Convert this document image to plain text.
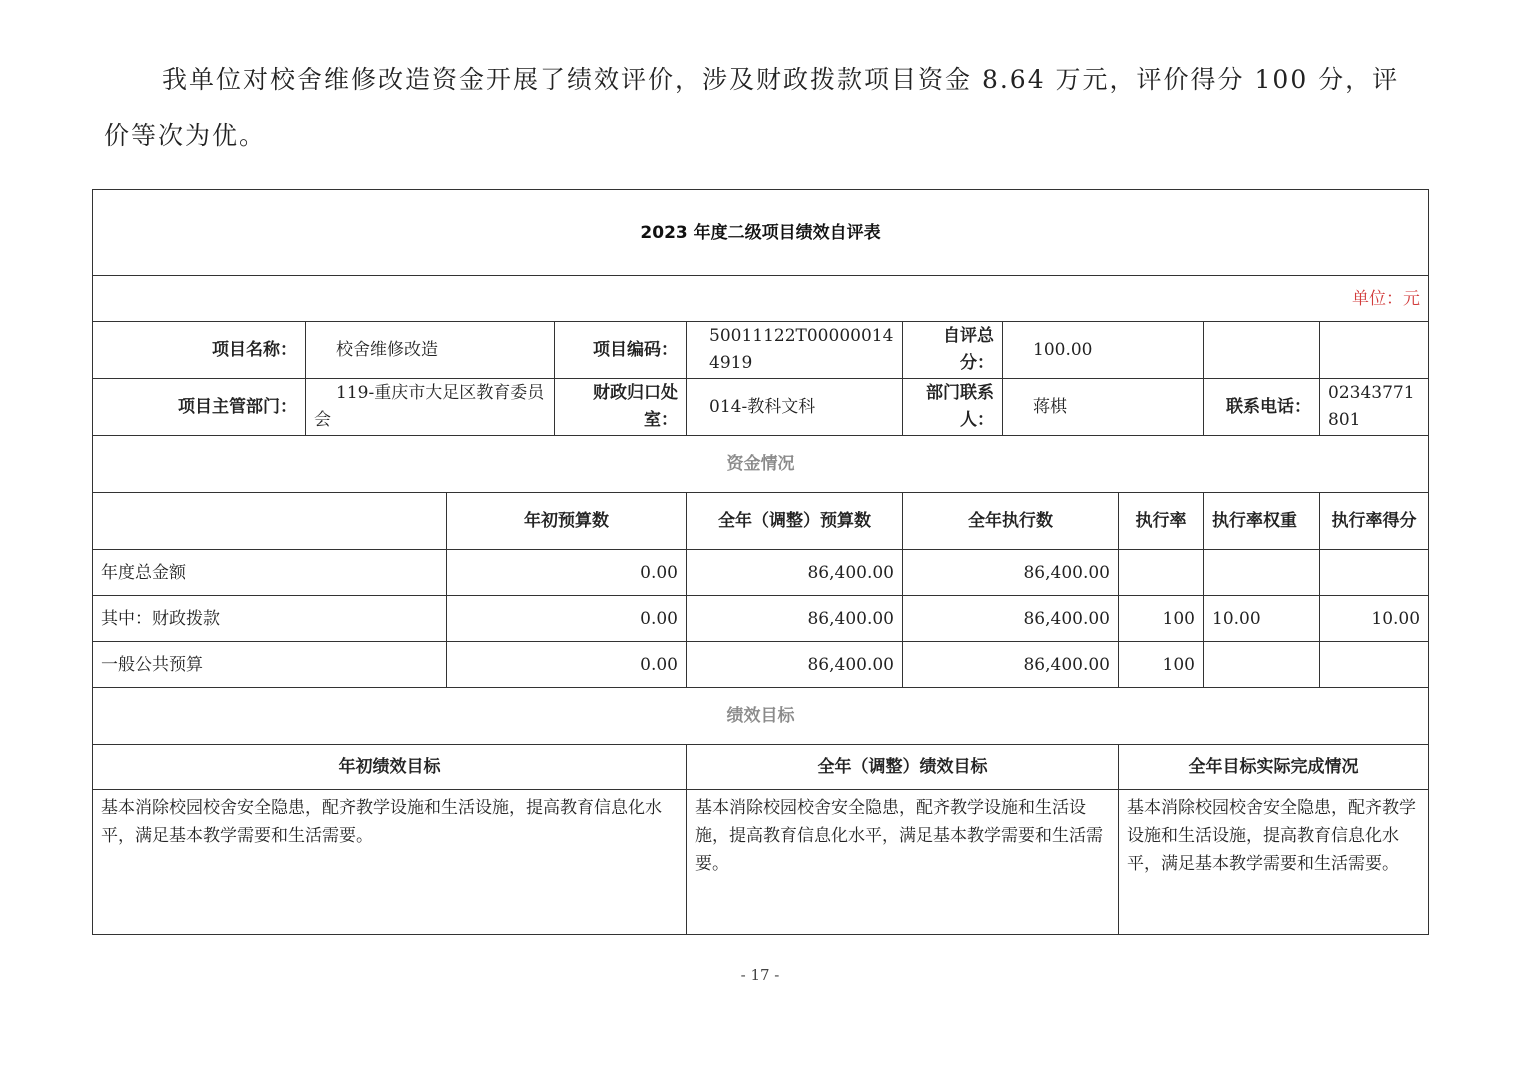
我单位对校舍维修改造资金开展了绩效评价，涉及财政拨款项目资金 8.64 万元，评价得分 100 分，评价等次为优。

2023 年度二级项目绩效自评表									
单位：元									
项目名称：	校舍维修改造		项目编码：	50011122T000000144919	自评总分：	100.00			
项目主管部门：	119-重庆市大足区教育委员会		财政归口处室：	014-教科文科	部门联系人：	蒋棋		联系电话：	02343771801
资金情况									
		年初预算数		全年（调整）预算数	全年执行数		执行率	执行率权重	执行率得分
年度总金额		0.00		86,400.00	86,400.00				
其中：财政拨款		0.00		86,400.00	86,400.00		100	10.00	10.00
一般公共预算		0.00		86,400.00	86,400.00		100		
绩效目标									
年初绩效目标				全年（调整）绩效目标			全年目标实际完成情况		
基本消除校园校舍安全隐患，配齐教学设施和生活设施，提高教育信息化水平，满足基本教学需要和生活需要。				基本消除校园校舍安全隐患，配齐教学设施和生活设施，提高教育信息化水平，满足基本教学需要和生活需要。			基本消除校园校舍安全隐患，配齐教学设施和生活设施，提高教育信息化水平，满足基本教学需要和生活需要。		
- 17 -
